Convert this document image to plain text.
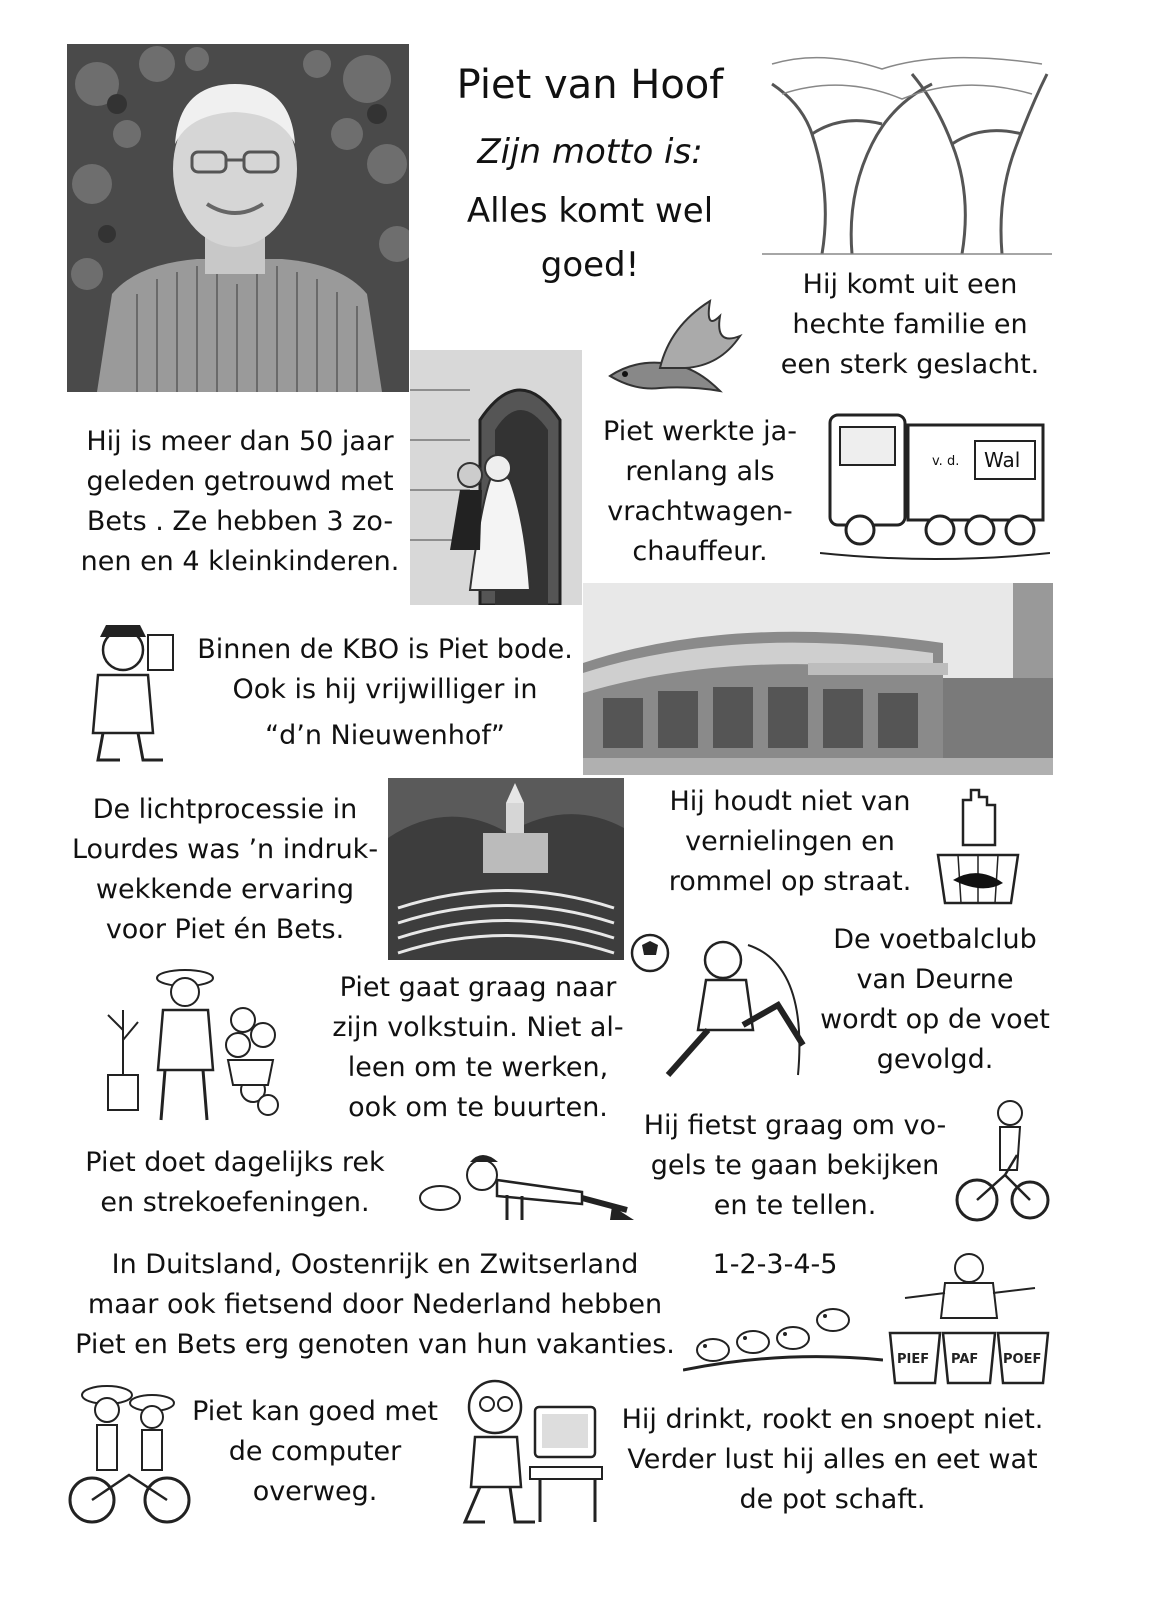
Piet van Hoof
Zijn motto is:
Alles komt wel
goed!	Hij komt uit een
hechte familie en
een sterk geslacht.
Hij is meer dan 50 jaar
geleden getrouwd met
Bets . Ze hebben 3 zo-
nen en 4 kleinkinderen.
Piet werkte ja-
renlang als
vrachtwagen-
chauffeur.
v. d. Wal
Binnen de KBO is Piet bode.
Ook is hij vrijwilliger in
“d’n Nieuwenhof”
De lichtprocessie in
Lourdes was ’n indruk-
wekkende ervaring
voor Piet én Bets.
Hij houdt niet van
vernielingen en
rommel op straat.
De voetbalclub
van Deurne
wordt op de voet
gevolgd.
Piet gaat graag naar
zijn volkstuin. Niet al-
leen om te werken,
ook om te buurten.
Hij fietst graag om vo-
gels te gaan bekijken
en te tellen.
Piet doet dagelijks rek
en strekoefeningen.
In Duitsland, Oostenrijk en Zwitserland
maar ook fietsend door Nederland hebben
Piet en Bets erg genoten van hun vakanties.
1-2-3-4-5
PIEF PAF POEF
Piet kan goed met
de computer
overweg.
Hij drinkt, rookt en snoept niet.
Verder lust hij alles en eet wat
de pot schaft.
